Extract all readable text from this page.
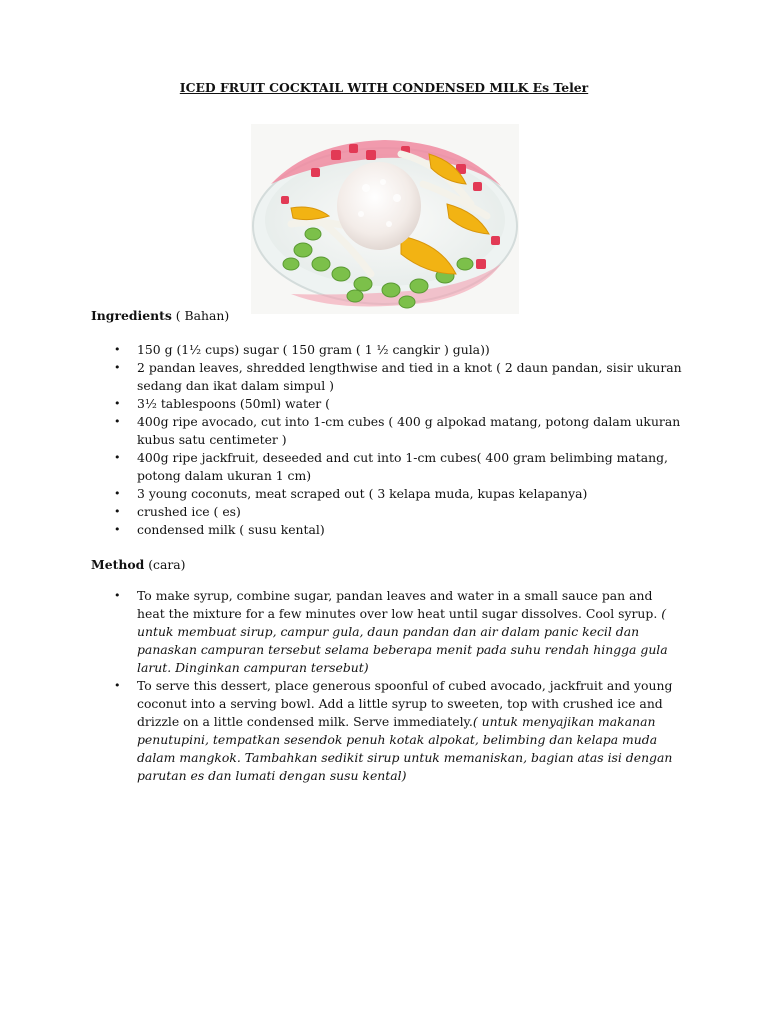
ICED FRUIT COCKTAIL WITH CONDENSED MILK Es Teler
Ingredients ( Bahan)
• 150 g (1½ cups) sugar ( 150 gram ( 1 ½ cangkir ) gula))
• 2 pandan leaves, shredded lengthwise and tied in a knot ( 2 daun pandan, sisir ukuran sedang dan ikat dalam simpul )
• 3½ tablespoons (50ml) water (
• 400g ripe avocado, cut into 1-cm cubes ( 400 g alpokad matang, potong dalam ukuran kubus satu centimeter )
• 400g ripe jackfruit, deseeded and cut into 1-cm cubes( 400 gram belimbing matang, potong dalam ukuran 1 cm)
• 3 young coconuts, meat scraped out ( 3 kelapa muda, kupas kelapanya)
• crushed ice ( es)
• condensed milk ( susu kental)
Method (cara)
• To make syrup, combine sugar, pandan leaves and water in a small sauce pan and heat the mixture for a few minutes over low heat until sugar dissolves. Cool syrup. ( untuk membuat sirup, campur gula, daun pandan dan air dalam panic kecil dan panaskan campuran tersebut selama beberapa menit pada suhu rendah hingga gula larut. Dinginkan campuran tersebut)
• To serve this dessert, place generous spoonful of cubed avocado, jackfruit and young coconut into a serving bowl. Add a little syrup to sweeten, top with crushed ice and drizzle on a little condensed milk. Serve immediately.( untuk menyajikan makanan penutupini, tempatkan sesendok penuh kotak alpokat, belimbing dan kelapa muda dalam mangkok. Tambahkan sedikit sirup untuk memaniskan, bagian atas isi dengan parutan es dan lumati dengan susu kental)
